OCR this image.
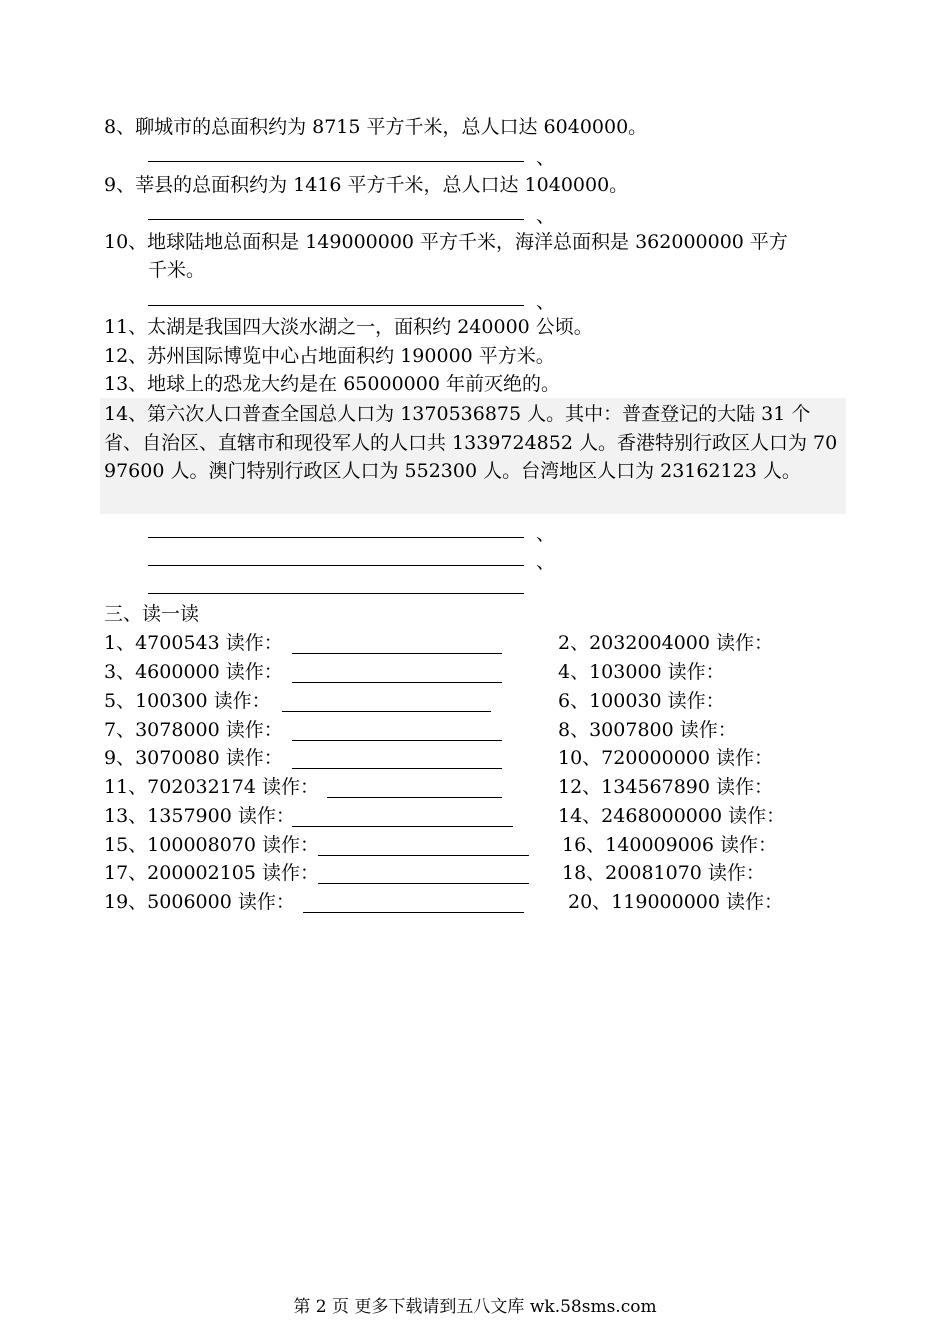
8、聊城市的总面积约为 8715 平方千米，总人口达 6040000。
、
9、莘县的总面积约为 1416 平方千米，总人口达 1040000。
、
10、地球陆地总面积是 149000000 平方千米，海洋总面积是 362000000 平方
千米。
、
11、太湖是我国四大淡水湖之一，面积约 240000 公顷。
12、苏州国际博览中心占地面积约 190000 平方米。
13、地球上的恐龙大约是在 65000000 年前灭绝的。
14、第六次人口普查全国总人口为 1370536875 人。其中：普查登记的大陆 31 个省、自治区、直辖市和现役军人的人口共 1339724852 人。香港特别行政区人口为 7097600 人。澳门特别行政区人口为 552300 人。台湾地区人口为 23162123 人。
、
、
三、读一读
1、4700543 读作：
3、4600000 读作：
5、100300 读作：
7、3078000 读作：
9、3070080 读作：
11、702032174 读作：
13、1357900 读作：
15、100008070 读作：
17、200002105 读作：
19、5006000 读作：
2、2032004000 读作：
4、103000 读作：
6、100030 读作：
8、3007800 读作：
10、720000000 读作：
12、134567890 读作：
14、2468000000 读作：
16、140009006 读作：
18、20081070 读作：
20、119000000 读作：
第 2 页 更多下载请到五八文库 wk.58sms.com
